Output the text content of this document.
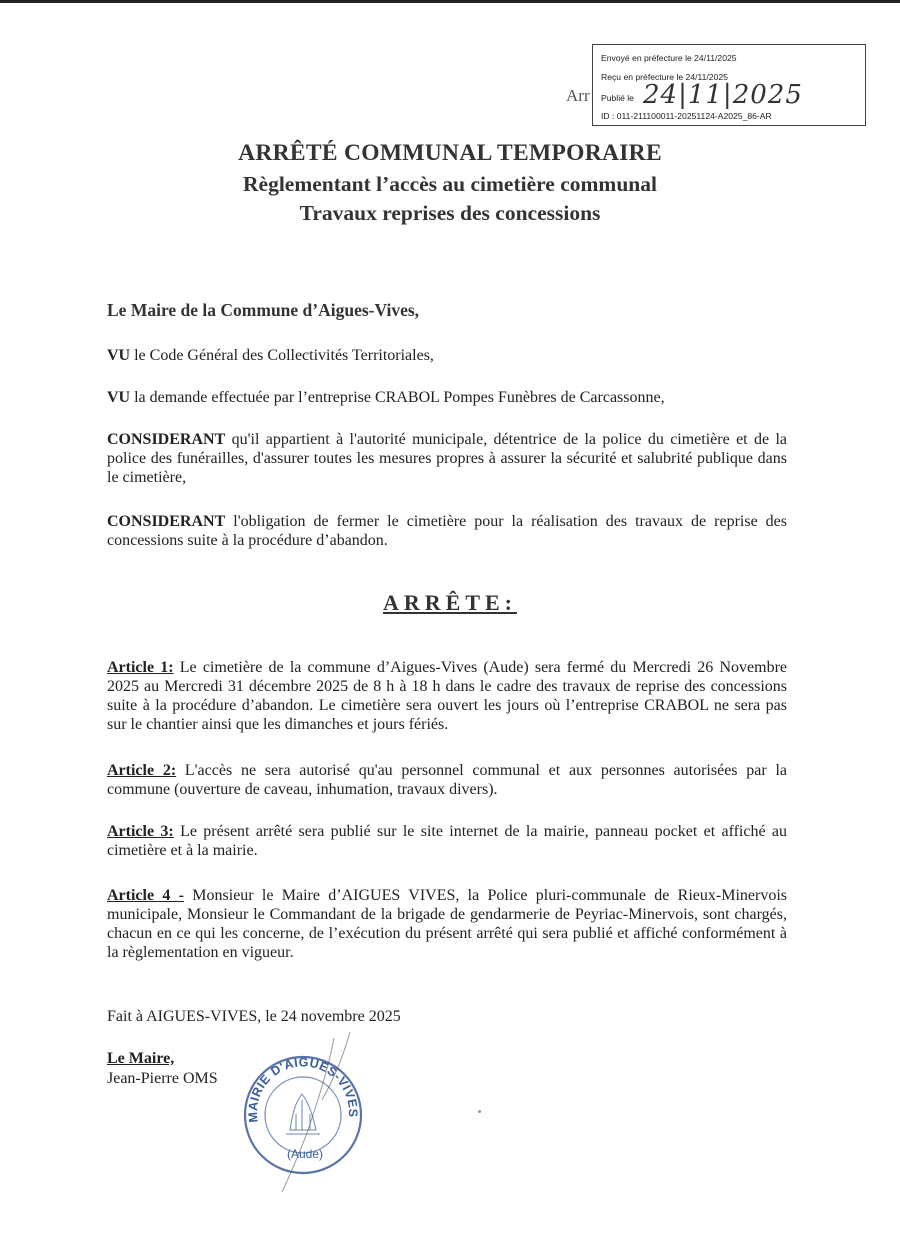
Arr
Envoyé en préfecture le 24/11/2025
Reçu en préfecture le 24/11/2025
Publié le 24|11|2025
ID : 011-211100011-20251124-A2025_86-AR
ARRÊTÉ COMMUNAL TEMPORAIRE
Règlementant l’accès au cimetière communal
Travaux reprises des concessions
Le Maire de la Commune d’Aigues-Vives,
VU le Code Général des Collectivités Territoriales,
VU la demande effectuée par l’entreprise CRABOL Pompes Funèbres de Carcassonne,
CONSIDERANT qu'il appartient à l'autorité municipale, détentrice de la police du cimetière et de la police des funérailles, d'assurer toutes les mesures propres à assurer la sécurité et salubrité publique dans le cimetière,
CONSIDERANT l'obligation de fermer le cimetière pour la réalisation des travaux de reprise des concessions suite à la procédure d’abandon.
ARRÊTE:
Article 1: Le cimetière de la commune d’Aigues-Vives (Aude) sera fermé du Mercredi 26 Novembre 2025 au Mercredi 31 décembre 2025 de 8 h à 18 h dans le cadre des travaux de reprise des concessions suite à la procédure d’abandon. Le cimetière sera ouvert les jours où l’entreprise CRABOL ne sera pas sur le chantier ainsi que les dimanches et jours fériés.
Article 2: L'accès ne sera autorisé qu'au personnel communal et aux personnes autorisées par la commune (ouverture de caveau, inhumation, travaux divers).
Article 3: Le présent arrêté sera publié sur le site internet de la mairie, panneau pocket et affiché au cimetière et à la mairie.
Article 4 - Monsieur le Maire d’AIGUES VIVES, la Police pluri-communale de Rieux-Minervois municipale, Monsieur le Commandant de la brigade de gendarmerie de Peyriac-Minervois, sont chargés, chacun en ce qui les concerne, de l’exécution du présent arrêté qui sera publié et affiché conformément à la règlementation en vigueur.
Fait à AIGUES-VIVES, le 24 novembre 2025
Le Maire,
Jean-Pierre OMS
MAIRIE D'AIGUES-VIVES
(Aude)
